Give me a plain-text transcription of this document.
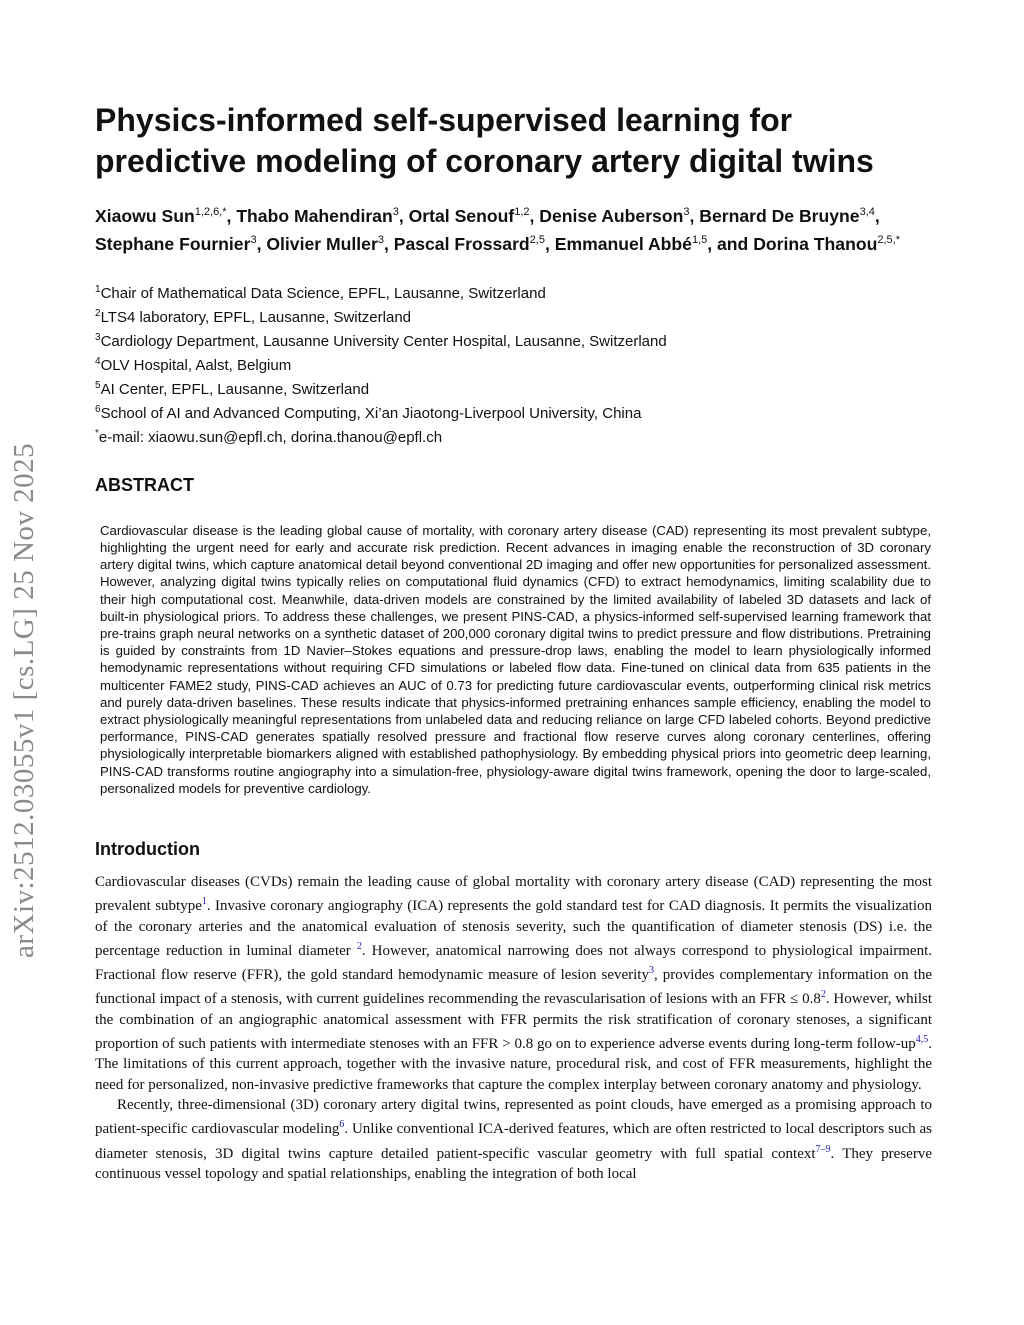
arXiv:2512.03055v1 [cs.LG] 25 Nov 2025
Physics-informed self-supervised learning for predictive modeling of coronary artery digital twins
Xiaowu Sun$^{1,2,6,*}$, Thabo Mahendiran$^3$, Ortal Senouf$^{1,2}$, Denise Auberson$^3$, Bernard De Bruyne$^{3,4}$, Stephane Fournier$^3$, Olivier Muller$^3$, Pascal Frossard$^{2,5}$, Emmanuel Abbé$^{1,5}$, and Dorina Thanou$^{2,5,*}$
$^1$Chair of Mathematical Data Science, EPFL, Lausanne, Switzerland
$^2$LTS4 laboratory, EPFL, Lausanne, Switzerland
$^3$Cardiology Department, Lausanne University Center Hospital, Lausanne, Switzerland
$^4$OLV Hospital, Aalst, Belgium
$^5$AI Center, EPFL, Lausanne, Switzerland
$^6$School of AI and Advanced Computing, Xi’an Jiaotong-Liverpool University, China
*e-mail: xiaowu.sun@epfl.ch, dorina.thanou@epfl.ch
ABSTRACT

Cardiovascular disease is the leading global cause of mortality, with coronary artery disease (CAD) representing its most prevalent subtype, highlighting the urgent need for early and accurate risk prediction. Recent advances in imaging enable the reconstruction of 3D coronary artery digital twins, which capture anatomical detail beyond conventional 2D imaging and offer new opportunities for personalized assessment. However, analyzing digital twins typically relies on computational fluid dynamics (CFD) to extract hemodynamics, limiting scalability due to their high computational cost. Meanwhile, data-driven models are constrained by the limited availability of labeled 3D datasets and lack of built-in physiological priors. To address these challenges, we present PINS-CAD, a physics-informed self-supervised learning framework that pre-trains graph neural networks on a synthetic dataset of 200,000 coronary digital twins to predict pressure and flow distributions. Pretraining is guided by constraints from 1D Navier–Stokes equations and pressure-drop laws, enabling the model to learn physiologically informed hemodynamic representations without requiring CFD simulations or labeled flow data. Fine-tuned on clinical data from 635 patients in the multicenter FAME2 study, PINS-CAD achieves an AUC of 0.73 for predicting future cardiovascular events, outperforming clinical risk metrics and purely data-driven baselines. These results indicate that physics-informed pretraining enhances sample efficiency, enabling the model to extract physiologically meaningful representations from unlabeled data and reducing reliance on large CFD labeled cohorts. Beyond predictive performance, PINS-CAD generates spatially resolved pressure and fractional flow reserve curves along coronary centerlines, offering physiologically interpretable biomarkers aligned with established pathophysiology. By embedding physical priors into geometric deep learning, PINS-CAD transforms routine angiography into a simulation-free, physiology-aware digital twins framework, opening the door to large-scaled, personalized models for preventive cardiology.

Introduction

Cardiovascular diseases (CVDs) remain the leading cause of global mortality with coronary artery disease (CAD) representing the most prevalent subtype$^1$. Invasive coronary angiography (ICA) represents the gold standard test for CAD diagnosis. It permits the visualization of the coronary arteries and the anatomical evaluation of stenosis severity, such the quantification of diameter stenosis (DS) i.e. the percentage reduction in luminal diameter $^2$. However, anatomical narrowing does not always correspond to physiological impairment. Fractional flow reserve (FFR), the gold standard hemodynamic measure of lesion severity$^3$, provides complementary information on the functional impact of a stenosis, with current guidelines recommending the revascularisation of lesions with an FFR ≤ $0.8^2$. However, whilst the combination of an angiographic anatomical assessment with FFR permits the risk stratification of coronary stenoses, a significant proportion of such patients with intermediate stenoses with an FFR > 0.8 go on to experience adverse events during long-term follow-up$^{4,5}$. The limitations of this current approach, together with the invasive nature, procedural risk, and cost of FFR measurements, highlight the need for personalized, non-invasive predictive frameworks that capture the complex interplay between coronary anatomy and physiology.

Recently, three-dimensional (3D) coronary artery digital twins, represented as point clouds, have emerged as a promising approach to patient-specific cardiovascular modeling$^6$. Unlike conventional ICA-derived features, which are often restricted to local descriptors such as diameter stenosis, 3D digital twins capture detailed patient-specific vascular geometry with full spatial context$^{7-9}$. They preserve continuous vessel topology and spatial relationships, enabling the integration of both local
